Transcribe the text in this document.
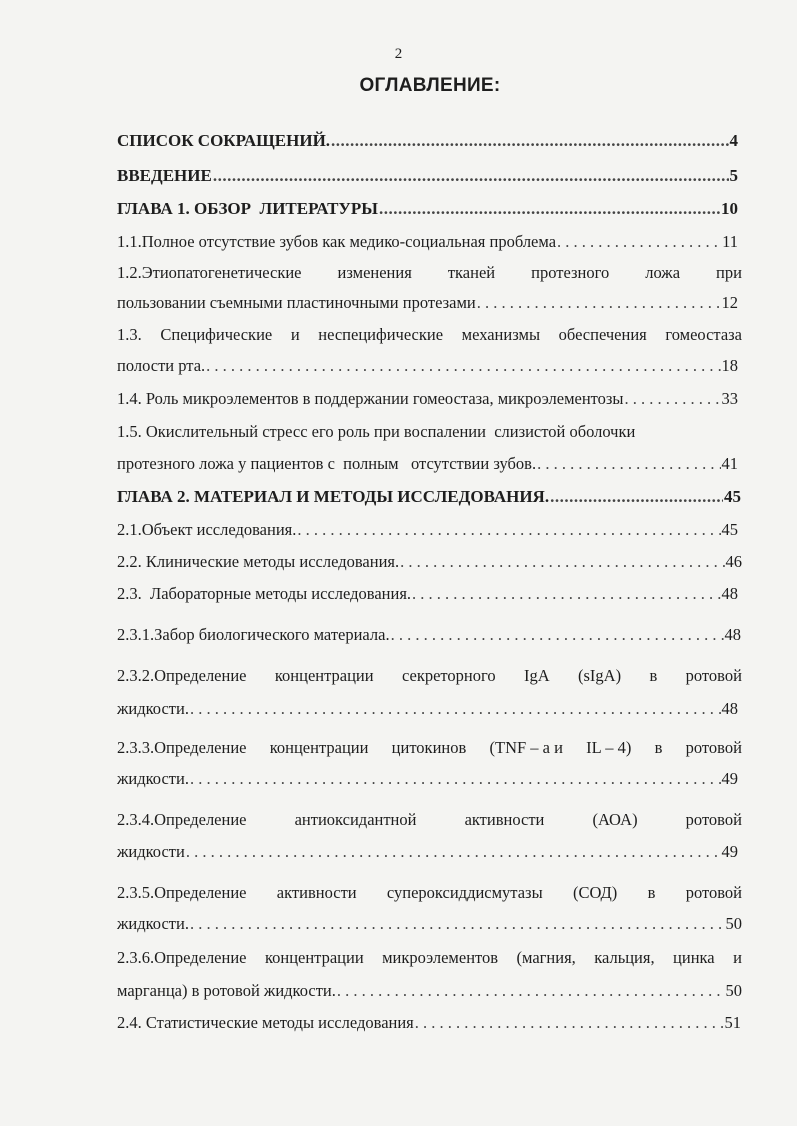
2
ОГЛАВЛЕНИЕ:
СПИСОК СОКРАЩЕНИЙ. .....	4
ВВЕДЕНИЕ .....	5
ГЛАВА 1. ОБЗОР  ЛИТЕРАТУРЫ .....	10
1.1.Полное отсутствие зубов как медико-социальная проблема . . .	11
1.2.Этиопатогенетические изменения тканей протезного ложа при
пользовании съемными пластиночными протезами . . .	12
1.3. Специфические и неспецифические механизмы обеспечения гомеостаза
полости рта. . . .	18
1.4. Роль микроэлементов в поддержании гомеостаза, микроэлементозы . . .	33
1.5. Окислительный стресс его роль при воспалении  слизистой оболочки
протезного ложа у пациентов с  полным   отсутствии зубов. . . .	41
ГЛАВА 2. МАТЕРИАЛ И МЕТОДЫ ИССЛЕДОВАНИЯ. .....	45
2.1.Объект исследования. . . .	45
2.2. Клинические методы исследования. . . .	46
2.3.  Лабораторные методы исследования. . . .	48
2.3.1.Забор биологического материала. . . .	48
2.3.2.Определение концентрации секреторного IgA (sIgA) в ротовой
жидкости. . . .	48
2.3.3.Определение концентрации цитокинов (TNF – a и IL – 4) в ротовой
жидкости. . . .	49
2.3.4.Определение	антиоксидантной	активности	(АОА)	ротовой
жидкости . . .	49
2.3.5.Определение активности супероксиддисмутазы (СОД) в ротовой
жидкости. . . .	50
2.3.6.Определение концентрации микроэлементов (магния, кальция, цинка и
марганца) в ротовой жидкости. . . .	50
2.4. Статистические методы исследования . . .	51
